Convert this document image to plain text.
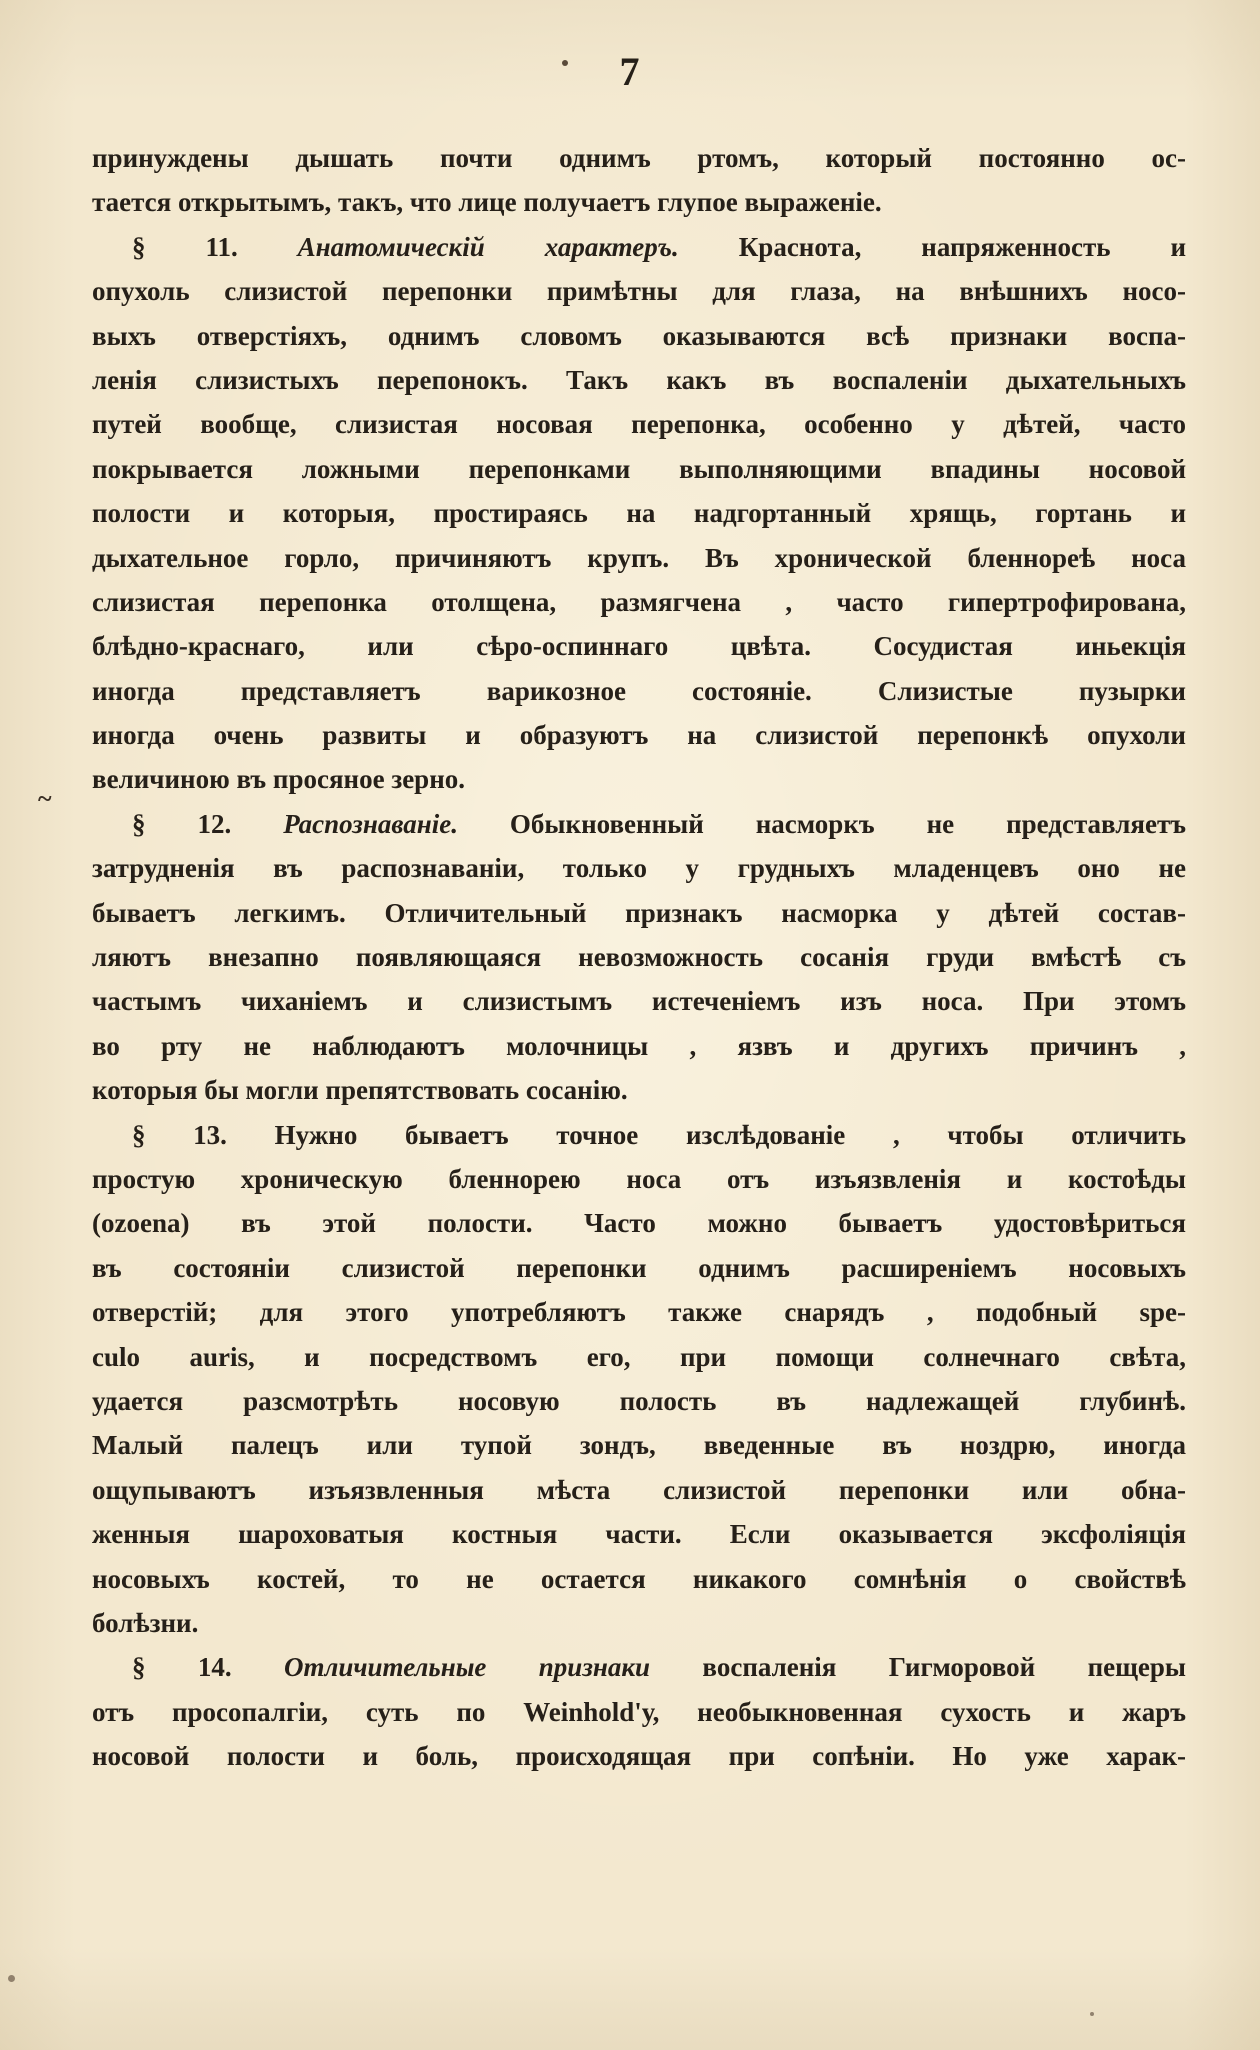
7
~
принуждены дышать почти однимъ ртомъ, который постоянно ос-
тается открытымъ, такъ, что лице получаетъ глупое выраженіе.
§ 11. Анатомическій характеръ. Краснота, напряженность и
опухоль слизистой перепонки примѣтны для глаза, на внѣшнихъ носо-
выхъ отверстіяхъ, однимъ словомъ оказываются всѣ признаки воспа-
ленія слизистыхъ перепонокъ. Такъ какъ въ воспаленіи дыхательныхъ
путей вообще, слизистая носовая перепонка, особенно у дѣтей, часто
покрывается ложными перепонками выполняющими впадины носовой
полости и которыя, простираясь на надгортанный хрящь, гортань и
дыхательное горло, причиняютъ крупъ. Въ хронической бленнореѣ носа
слизистая перепонка отолщена, размягчена , часто гипертрофирована,
блѣдно-краснаго, или сѣро-оспиннаго цвѣта. Сосудистая иньекція
иногда представляетъ варикозное состояніе. Слизистые пузырки
иногда очень развиты и образуютъ на слизистой перепонкѣ опухоли
величиною въ просяное зерно.
§ 12. Распознаваніе. Обыкновенный насморкъ не представляетъ
затрудненія въ распознаваніи, только у грудныхъ младенцевъ оно не
бываетъ легкимъ. Отличительный признакъ насморка у дѣтей состав-
ляютъ внезапно появляющаяся невозможность сосанія груди вмѣстѣ съ
частымъ чиханіемъ и слизистымъ истеченіемъ изъ носа. При этомъ
во рту не наблюдаютъ молочницы , язвъ и другихъ причинъ ,
которыя бы могли препятствовать сосанію.
§ 13. Нужно бываетъ точное изслѣдованіе , чтобы отличить
простую хроническую бленнорею носа отъ изъязвленія и костоѣды
(ozoena) въ этой полости. Часто можно бываетъ удостовѣриться
въ состояніи слизистой перепонки однимъ расширеніемъ носовыхъ
отверстій; для этого употребляютъ также снарядъ , подобный spe-
culo auris, и посредствомъ его, при помощи солнечнаго свѣта,
удается разсмотрѣть носовую полость въ надлежащей глубинѣ.
Малый палецъ или тупой зондъ, введенные въ ноздрю, иногда
ощупываютъ изъязвленныя мѣста слизистой перепонки или обна-
женныя шароховатыя костныя части. Если оказывается эксфоліяція
носовыхъ костей, то не остается никакого сомнѣнія о свойствѣ
болѣзни.
§ 14. Отличительные признаки воспаленія Гигморовой пещеры
отъ просопалгіи, суть по Weinhold'у, необыкновенная сухость и жаръ
носовой полости и боль, происходящая при сопѣніи. Но уже харак-
